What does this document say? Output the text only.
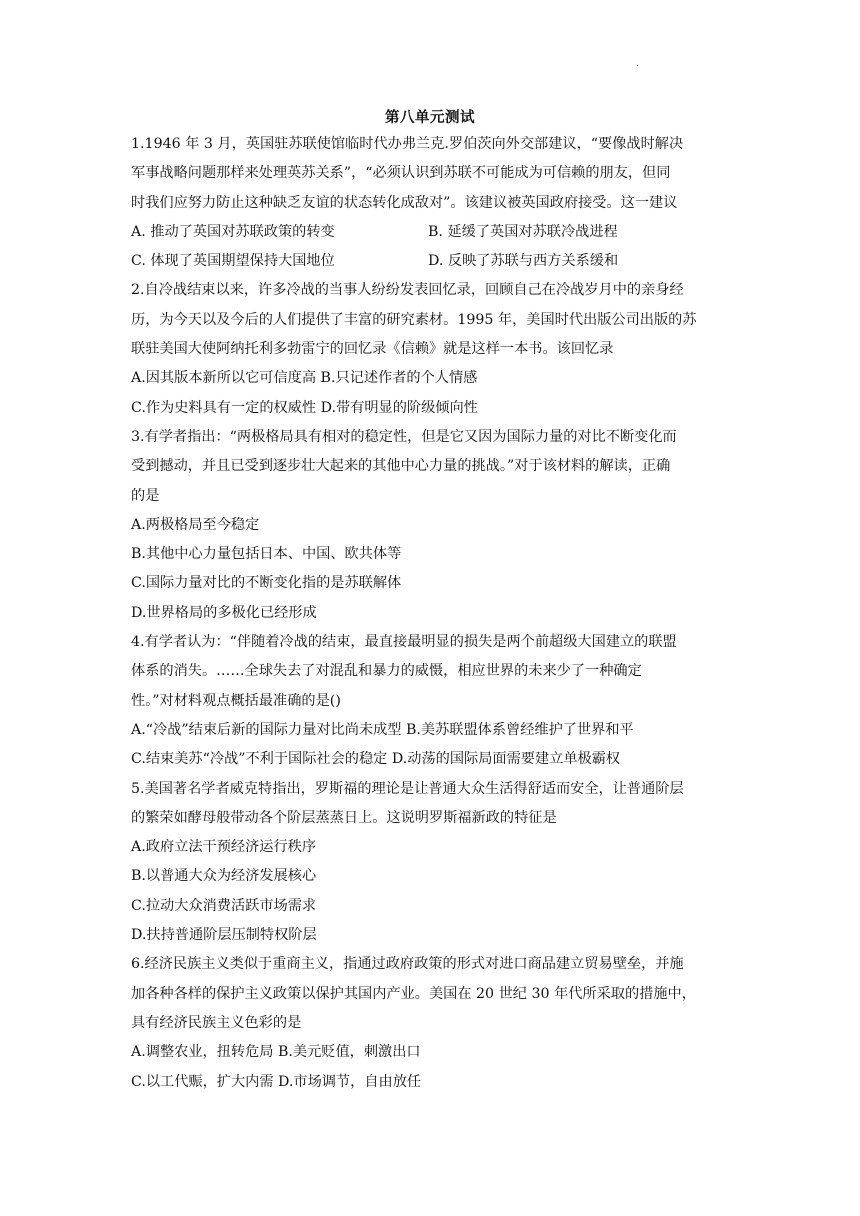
.
第八单元测试
1.1946 年 3 月，英国驻苏联使馆临时代办弗兰克.罗伯茨向外交部建议，“要像战时解决
军事战略问题那样来处理英苏关系”，“必须认识到苏联不可能成为可信赖的朋友，但同
时我们应努力防止这种缺乏友谊的状态转化成敌对”。该建议被英国政府接受。这一建议
A. 推动了英国对苏联政策的转变	B. 延缓了英国对苏联冷战进程
C. 体现了英国期望保持大国地位	D. 反映了苏联与西方关系缓和
2.自冷战结束以来，许多冷战的当事人纷纷发表回忆录，回顾自己在冷战岁月中的亲身经
历，为今天以及今后的人们提供了丰富的研究素材。1995 年，美国时代出版公司出版的苏
联驻美国大使阿纳托利多勃雷宁的回忆录《信赖》就是这样一本书。该回忆录
A.因其版本新所以它可信度高 B.只记述作者的个人情感
C.作为史料具有一定的权威性 D.带有明显的阶级倾向性
3.有学者指出：“两极格局具有相对的稳定性，但是它又因为国际力量的对比不断变化而
受到撼动，并且已受到逐步壮大起来的其他中心力量的挑战。”对于该材料的解读，正确
的是
A.两极格局至今稳定
B.其他中心力量包括日本、中国、欧共体等
C.国际力量对比的不断变化指的是苏联解体
D.世界格局的多极化已经形成
4.有学者认为：“伴随着冷战的结束，最直接最明显的损失是两个前超级大国建立的联盟
体系的消失。……全球失去了对混乱和暴力的威慑，相应世界的未来少了一种确定
性。”对材料观点概括最准确的是()
A.“冷战”结束后新的国际力量对比尚未成型 B.美苏联盟体系曾经维护了世界和平
C.结束美苏“冷战”不利于国际社会的稳定 D.动荡的国际局面需要建立单极霸权
5.美国著名学者威克特指出，罗斯福的理论是让普通大众生活得舒适而安全，让普通阶层
的繁荣如酵母般带动各个阶层蒸蒸日上。这说明罗斯福新政的特征是
A.政府立法干预经济运行秩序
B.以普通大众为经济发展核心
C.拉动大众消费活跃市场需求
D.扶持普通阶层压制特权阶层
6.经济民族主义类似于重商主义，指通过政府政策的形式对进口商品建立贸易壁垒，并施
加各种各样的保护主义政策以保护其国内产业。美国在 20 世纪 30 年代所采取的措施中，
具有经济民族主义色彩的是
A.调整农业，扭转危局 B.美元贬值，刺激出口
C.以工代赈，扩大内需 D.市场调节，自由放任
